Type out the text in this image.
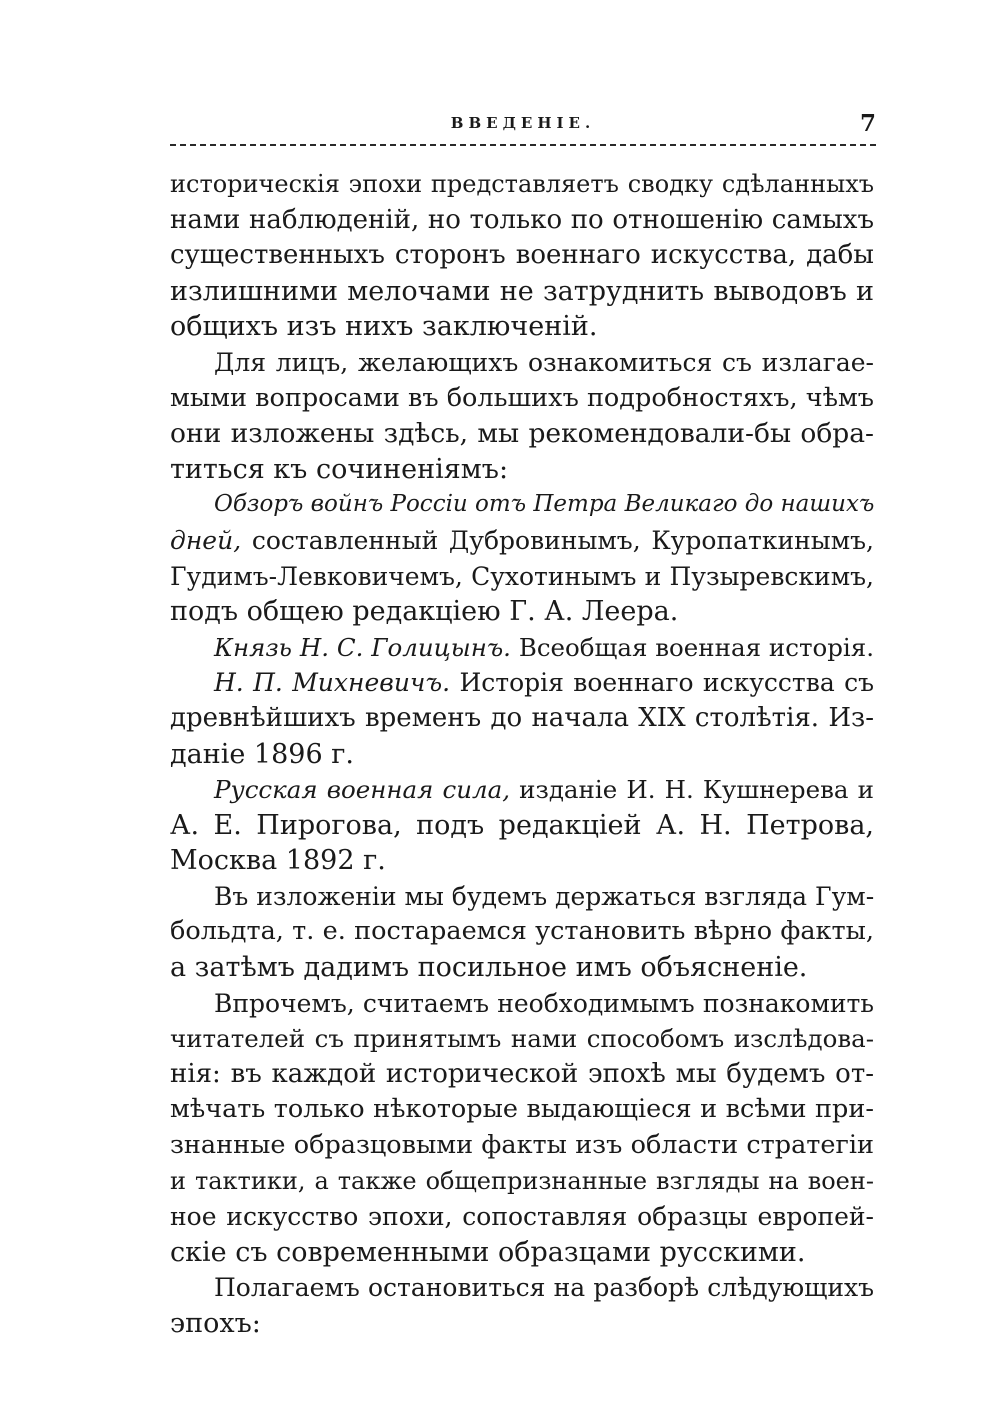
ВВЕДЕНІЕ.	7
историческія эпохи представляетъ сводку сдѣланныхъ
нами наблюденій, но только по отношенію самыхъ
существенныхъ сторонъ военнаго искусства, дабы
излишними мелочами не затруднить выводовъ и
общихъ изъ нихъ заключеній.
Для лицъ, желающихъ ознакомиться съ излагае-
мыми вопросами въ большихъ подробностяхъ, чѣмъ
они изложены здѣсь, мы рекомендовали-бы обра-
титься къ сочиненіямъ:
Обзоръ войнъ Россіи отъ Петра Великаго до нашихъ
дней, составленный Дубровинымъ, Куропаткинымъ,
Гудимъ-Левковичемъ, Сухотинымъ и Пузыревскимъ,
подъ общею редакціею Г. А. Леера.
Князь Н. С. Голицынъ. Всеобщая военная исторія.
Н. П. Михневичъ. Исторія военнаго искусства съ
древнѣйшихъ временъ до начала XIX столѣтія. Из-
даніе 1896 г.
Русская военная сила, изданіе И. Н. Кушнерева и
А. Е. Пирогова, подъ редакціей А. Н. Петрова,
Москва 1892 г.
Въ изложеніи мы будемъ держаться взгляда Гум-
больдта, т. е. постараемся установить вѣрно факты,
а затѣмъ дадимъ посильное имъ объясненіе.
Впрочемъ, считаемъ необходимымъ познакомить
читателей съ принятымъ нами способомъ изслѣдова-
нія: въ каждой исторической эпохѣ мы будемъ от-
мѣчать только нѣкоторые выдающіеся и всѣми при-
знанные образцовыми факты изъ области стратегіи
и тактики, а также общепризнанные взгляды на воен-
ное искусство эпохи, сопоставляя образцы европей-
скіе съ современными образцами русскими.
Полагаемъ остановиться на разборѣ слѣдующихъ
эпохъ:
